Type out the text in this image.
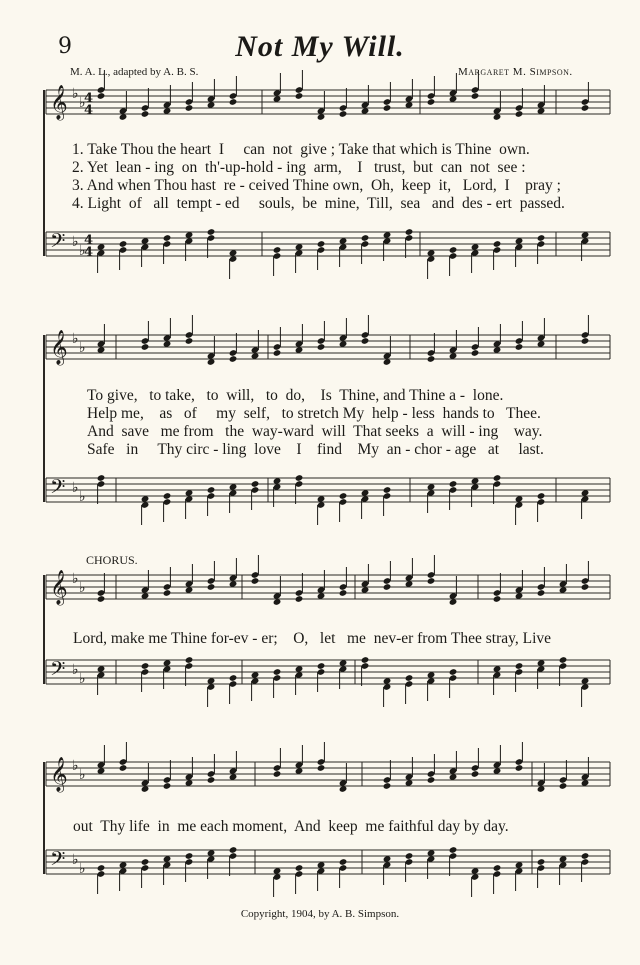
9	Not My Will.
M. A. L., adapted by A. B. S.	Margaret M. Simpson.
𝄞 ♭
♭
𝄢 ♭
♭
𝄞 ♭
♭
𝄢 ♭
♭
𝄞 ♭
♭
𝄢 ♭
♭
𝄞 ♭
♭
𝄢 ♭
♭
4
4
4
4
1. Take Thou the heart  I     can  not  give ; Take that which is Thine  own.
2. Yet  lean - ing  on  th'-up-hold - ing  arm,    I   trust,  but  can  not  see :
3. And when Thou hast  re - ceived Thine own,  Oh,  keep  it,   Lord,  I    pray ;
4. Light  of   all  tempt - ed     souls,  be  mine,  Till,  sea   and  des - ert  passed.
To give,   to take,   to  will,   to  do,    Is  Thine, and Thine a -  lone.
Help me,    as   of     my  self,   to stretch My  help - less  hands to   Thee.
And  save   me from   the  way-ward  will  That seeks  a  will - ing    way.
Safe   in     Thy circ - ling  love    I    find    My  an - chor - age   at     last.
CHORUS.
Lord, make me Thine for-ev - er;    O,   let   me  nev-er from Thee stray, Live
out  Thy life  in  me each moment,  And  keep  me faithful day by day.
Copyright, 1904, by A. B. Simpson.
